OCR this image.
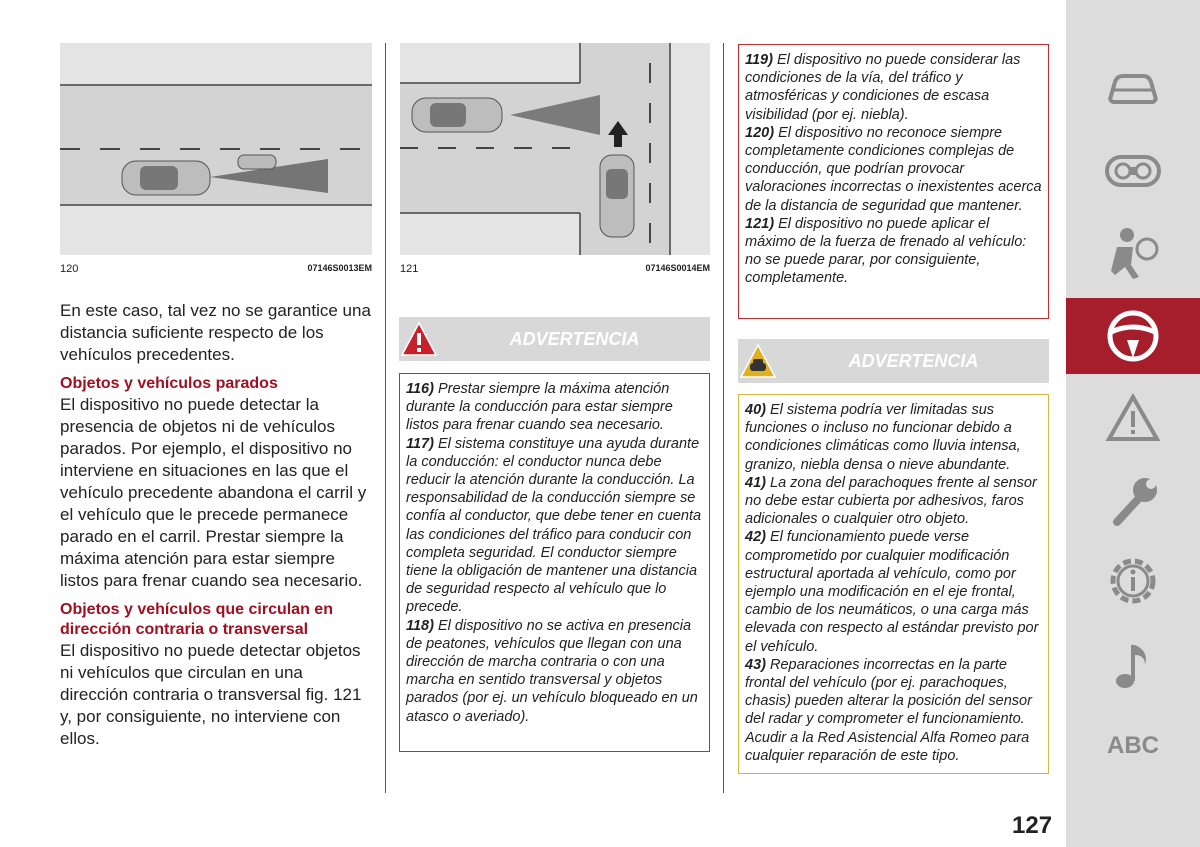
120	07146S0013EM	121	07146S0014EM

En este caso, tal vez no se garantice una distancia suficiente respecto de los vehículos precedentes.

Objetos y vehículos parados

El dispositivo no puede detectar la presencia de objetos ni de vehículos parados. Por ejemplo, el dispositivo no interviene en situaciones en las que el vehículo precedente abandona el carril y el vehículo que le precede permanece parado en el carril. Prestar siempre la máxima atención para estar siempre listos para frenar cuando sea necesario.

Objetos y vehículos que circulan en dirección contraria o transversal

El dispositivo no puede detectar objetos ni vehículos que circulan en una dirección contraria o transversal fig. 121 y, por consiguiente, no interviene con ellos.

ADVERTENCIA
116) Prestar siempre la máxima atención durante la conducción para estar siempre listos para frenar cuando sea necesario.
117) El sistema constituye una ayuda durante la conducción: el conductor nunca debe reducir la atención durante la conducción. La responsabilidad de la conducción siempre se confía al conductor, que debe tener en cuenta las condiciones del tráfico para conducir con completa seguridad. El conductor siempre tiene la obligación de mantener una distancia de seguridad respecto al vehículo que lo precede.
118) El dispositivo no se activa en presencia de peatones, vehículos que llegan con una dirección de marcha contraria o con una marcha en sentido transversal y objetos parados (por ej. un vehículo bloqueado en un atasco o averiado).
119) El dispositivo no puede considerar las condiciones de la vía, del tráfico y atmosféricas y condiciones de escasa visibilidad (por ej. niebla).
120) El dispositivo no reconoce siempre completamente condiciones complejas de conducción, que podrían provocar valoraciones incorrectas o inexistentes acerca de la distancia de seguridad que mantener.
121) El dispositivo no puede aplicar el máximo de la fuerza de frenado al vehículo: no se puede parar, por consiguiente, completamente.
ADVERTENCIA
40) El sistema podría ver limitadas sus funciones o incluso no funcionar debido a condiciones climáticas como lluvia intensa, granizo, niebla densa o nieve abundante.
41) La zona del parachoques frente al sensor no debe estar cubierta por adhesivos, faros adicionales o cualquier otro objeto.
42) El funcionamiento puede verse comprometido por cualquier modificación estructural aportada al vehículo, como por ejemplo una modificación en el eje frontal, cambio de los neumáticos, o una carga más elevada con respecto al estándar previsto por el vehículo.
43) Reparaciones incorrectas en la parte frontal del vehículo (por ej. parachoques, chasis) pueden alterar la posición del sensor del radar y comprometer el funcionamiento. Acudir a la Red Asistencial Alfa Romeo para cualquier reparación de este tipo.
127
ABC
